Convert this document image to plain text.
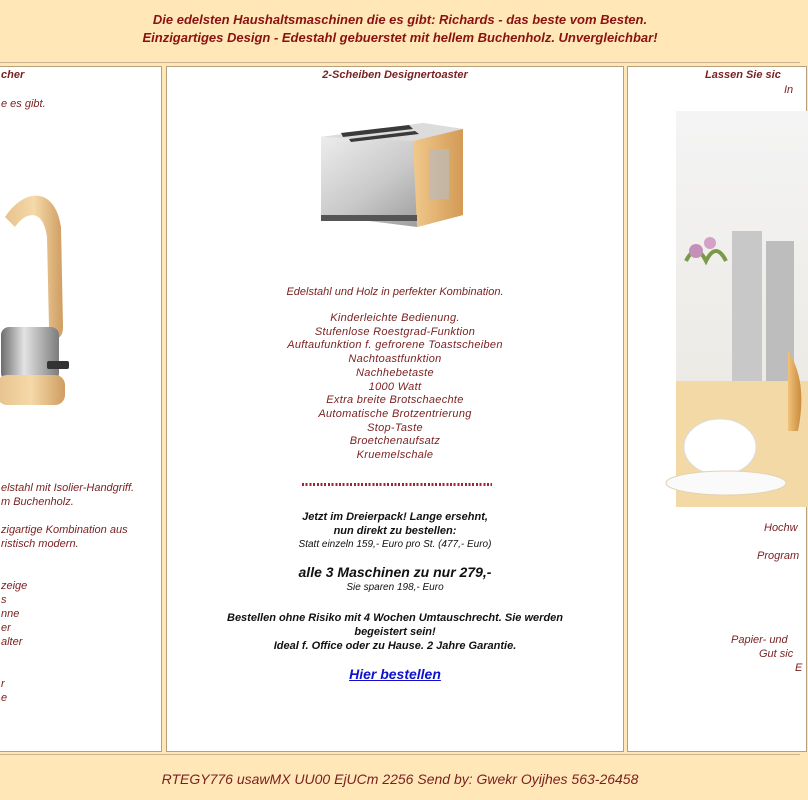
Die edelsten Haushaltsmaschinen die es gibt: Richards - das beste vom Besten.
Einzigartiges Design - Edestahl gebuerstet mit hellem Buchenholz. Unvergleichbar!
cher
e es gibt.
elstahl mit Isolier-Handgriff.
m Buchenholz.
zigartige Kombination aus
ristisch modern.
zeige
s
nne
er
alter

r
e
2-Scheiben Designertoaster
Edelstahl und Holz in perfekter Kombination.
Kinderleichte Bedienung.
Stufenlose Roestgrad-Funktion
Auftaufunktion f. gefrorene Toastscheiben
Nachtoastfunktion
Nachhebetaste
1000 Watt
Extra breite Brotschaechte
Automatische Brotzentrierung
Stop-Taste
Broetchenaufsatz
Kruemelschale
Jetzt im Dreierpack! Lange ersehnt,
nun direkt zu bestellen:
Statt einzeln 159,- Euro pro St. (477,- Euro)
alle 3 Maschinen zu nur 279,-
Sie sparen 198,- Euro
Bestellen ohne Risiko mit 4 Wochen Umtauschrecht. Sie werden
begeistert sein!
Ideal f. Office oder zu Hause. 2 Jahre Garantie.
Hier bestellen
Lassen Sie sic
In
Hochw
Program
Papier- und
Gut sic
E
RTEGY776 usawMX UU00 EjUCm 2256 Send by: Gwekr Oyijhes 563-26458
